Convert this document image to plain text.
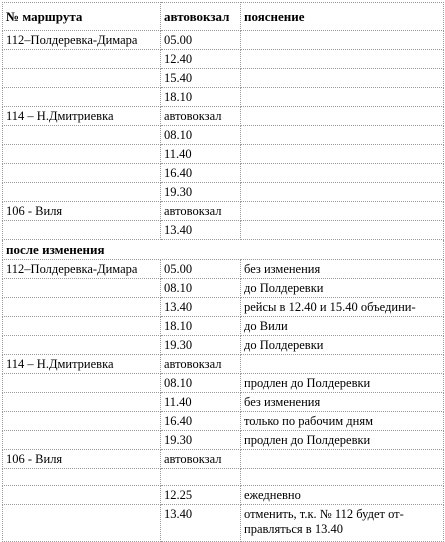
№ маршрута	автовокзал	пояснение
112–Полдеревка-Димара	05.00	
	12.40	
	15.40	
	18.10	
114 – Н.Дмитриевка	автовокзал	
	08.10	
	11.40	
	16.40	
	19.30	
106 - Виля	автовокзал	
	13.40	
после изменения		
112–Полдеревка-Димара	05.00	без изменения
	08.10	до Полдеревки
	13.40	рейсы в 12.40 и 15.40 объедини-
	18.10	до Вили
	19.30	до Полдеревки
114 – Н.Дмитриевка	автовокзал	
	08.10	продлен до Полдеревки
	11.40	без изменения
	16.40	только по рабочим дням
	19.30	продлен до Полдеревки
106 - Виля	автовокзал	

	12.25	ежедневно
	13.40	отменить, т.к. № 112 будет от-
правляться в 13.40
